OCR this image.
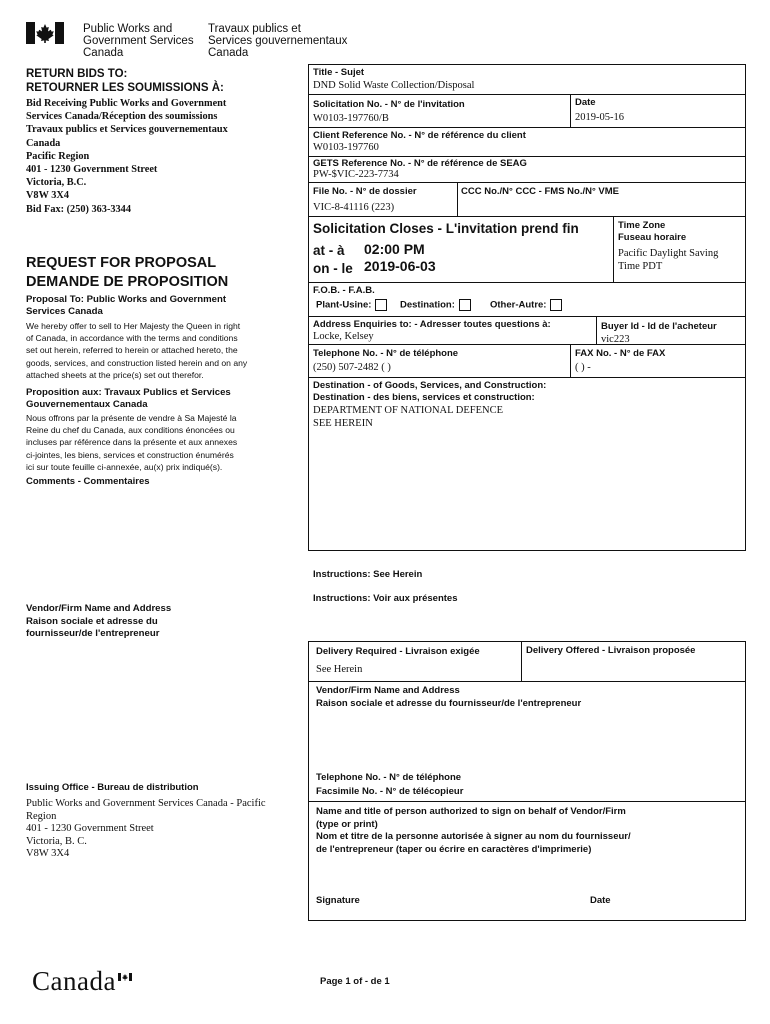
Public Works and
Government Services
Canada
Travaux publics et
Services gouvernementaux
Canada
RETURN BIDS TO:
RETOURNER LES SOUMISSIONS À:
Bid Receiving Public Works and Government
Services Canada/Réception des soumissions
Travaux publics et Services gouvernementaux
Canada
Pacific Region
401 - 1230 Government Street
Victoria, B.C.
V8W 3X4
Bid Fax: (250) 363-3344
REQUEST FOR PROPOSAL
DEMANDE DE PROPOSITION
Proposal To: Public Works and Government
Services Canada
We hereby offer to sell to Her Majesty the Queen in right
of Canada, in accordance with the terms and conditions
set out herein, referred to herein or attached hereto, the
goods, services, and construction listed herein and on any
attached sheets at the price(s) set out therefor.
Proposition aux: Travaux Publics et Services
Gouvernementaux Canada
Nous offrons par la présente de vendre à Sa Majesté la
Reine du chef du Canada, aux conditions énoncées ou
incluses par référence dans la présente et aux annexes
ci-jointes, les biens, services et construction énumérés
ici sur toute feuille ci-annexée, au(x) prix indiqué(s).
Comments - Commentaires
Vendor/Firm Name and Address
Raison sociale et adresse du
fournisseur/de l'entrepreneur
Issuing Office - Bureau de distribution
Public Works and Government Services Canada - Pacific
Region
401 - 1230 Government Street
Victoria, B. C.
V8W 3X4
Title - Sujet
DND Solid Waste Collection/Disposal
Solicitation No. - N° de l'invitation
W0103-197760/B
Date
2019-05-16
Client Reference No. - N° de référence du client
W0103-197760
GETS Reference No. - N° de référence de SEAG
PW-$VIC-223-7734
File No. - N° de dossier
VIC-8-41116 (223)
CCC No./N° CCC - FMS No./N° VME
Solicitation Closes - L'invitation prend fin
at - à 02:00 PM
on - le 2019-06-03
Time Zone
Fuseau horaire
Pacific Daylight Saving
Time PDT
F.O.B. - F.A.B.
Plant-Usine:	Destination:	Other-Autre:
Address Enquiries to: - Adresser toutes questions à:
Locke, Kelsey
Buyer Id - Id de l'acheteur
vic223
Telephone No. - N° de téléphone
(250) 507-2482 ( )
FAX No. - N° de FAX
( ) -
Destination - of Goods, Services, and Construction:
Destination - des biens, services et construction:
DEPARTMENT OF NATIONAL DEFENCE
SEE HEREIN
Instructions: See Herein
Instructions: Voir aux présentes
Delivery Required - Livraison exigée
See Herein
Delivery Offered - Livraison proposée
Vendor/Firm Name and Address
Raison sociale et adresse du fournisseur/de l'entrepreneur
Telephone No. - N° de téléphone
Facsimile No. - N° de télécopieur
Name and title of person authorized to sign on behalf of Vendor/Firm
(type or print)
Nom et titre de la personne autorisée à signer au nom du fournisseur/
de l'entrepreneur (taper ou écrire en caractères d'imprimerie)
Signature	Date
Canada	Page 1 of - de 1
